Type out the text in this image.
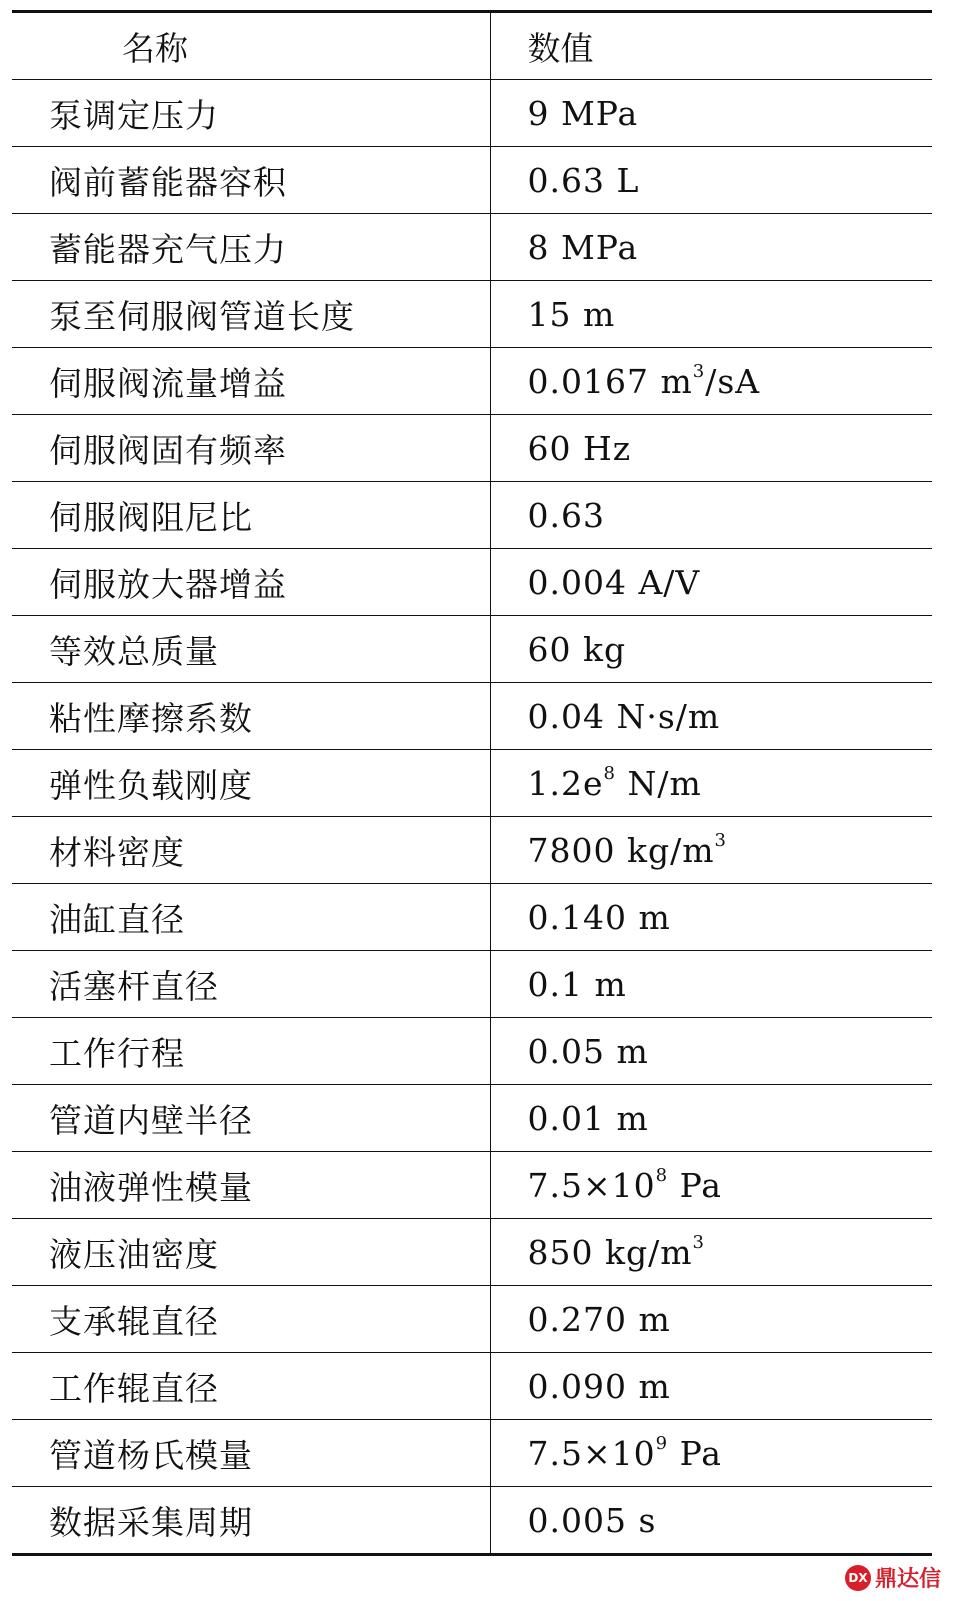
名称	数值
泵调定压力	9 MPa
阀前蓄能器容积	0.63 L
蓄能器充气压力	8 MPa
泵至伺服阀管道长度	15 m
伺服阀流量增益	0.0167 $m^3/sA$
伺服阀固有频率	60 Hz
伺服阀阻尼比	0.63
伺服放大器增益	0.004 A/V
等效总质量	60 kg
粘性摩擦系数	0.04 N·s/m
弹性负载刚度	$1.2e^8$ N/m
材料密度	7800 $kg/m^3$
油缸直径	0.140 m
活塞杆直径	0.1 m
工作行程	0.05 m
管道内壁半径	0.01 m
油液弹性模量	$7.5\times 10^8$ Pa
液压油密度	850 $kg/m^3$
支承辊直径	0.270 m
工作辊直径	0.090 m
管道杨氏模量	$7.5\times 10^9$ Pa
数据采集周期	0.005 s
DX 鼎达信
